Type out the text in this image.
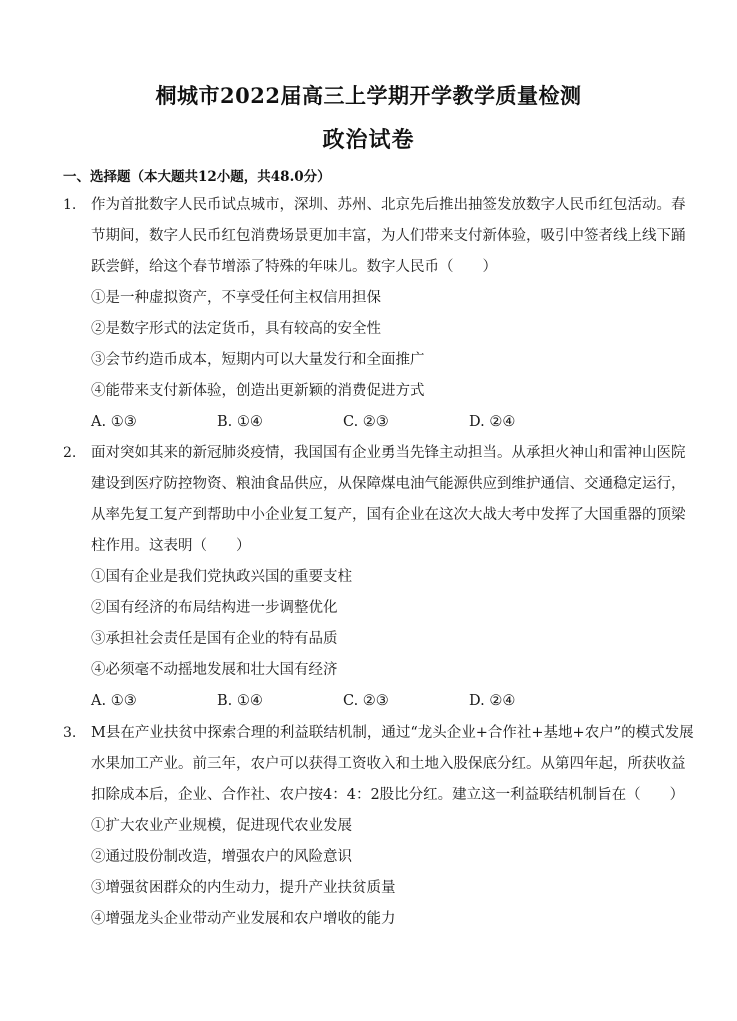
桐城市2022届高三上学期开学教学质量检测
政治试卷
一、选择题（本大题共12小题，共48.0分）
1. 作为首批数字人民币试点城市，深圳、苏州、北京先后推出抽签发放数字人民币红包活动。春
节期间，数字人民币红包消费场景更加丰富，为人们带来支付新体验，吸引中签者线上线下踊
跃尝鲜，给这个春节增添了特殊的年味儿。数字人民币（　　）
①是一种虚拟资产，不享受任何主权信用担保
②是数字形式的法定货币，具有较高的安全性
③会节约造币成本，短期内可以大量发行和全面推广
④能带来支付新体验，创造出更新颖的消费促进方式
A. ①③	B. ①④	C. ②③	D. ②④
2. 面对突如其来的新冠肺炎疫情，我国国有企业勇当先锋主动担当。从承担火神山和雷神山医院
建设到医疗防控物资、粮油食品供应，从保障煤电油气能源供应到维护通信、交通稳定运行，
从率先复工复产到帮助中小企业复工复产，国有企业在这次大战大考中发挥了大国重器的顶梁
柱作用。这表明（　　）
①国有企业是我们党执政兴国的重要支柱
②国有经济的布局结构进一步调整优化
③承担社会责任是国有企业的特有品质
④必须毫不动摇地发展和壮大国有经济
A. ①③	B. ①④	C. ②③	D. ②④
3. M县在产业扶贫中探索合理的利益联结机制，通过“龙头企业+合作社+基地+农户”的模式发展
水果加工产业。前三年，农户可以获得工资收入和土地入股保底分红。从第四年起，所获收益
扣除成本后，企业、合作社、农户按4：4：2股比分红。建立这一利益联结机制旨在（　　）
①扩大农业产业规模，促进现代农业发展
②通过股份制改造，增强农户的风险意识
③增强贫困群众的内生动力，提升产业扶贫质量
④增强龙头企业带动产业发展和农户增收的能力
